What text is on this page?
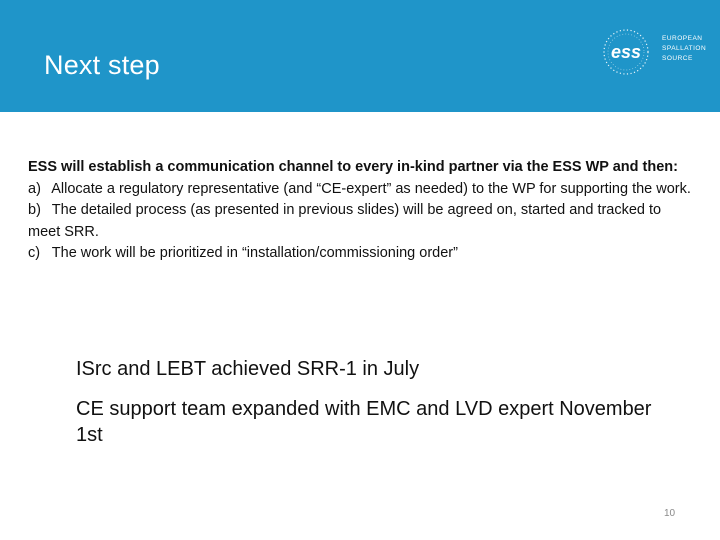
Next step	ess
EUROPEAN
SPALLATION
SOURCE
ESS will establish a communication channel to every in-kind partner via the ESS WP and then:
a) Allocate a regulatory representative (and “CE-expert” as needed) to the WP for supporting the work.
b) The detailed process (as presented in previous slides) will be agreed on, started and tracked to meet SRR.
c) The work will be prioritized in “installation/commissioning order”
ISrc and LEBT achieved SRR-1 in July
CE support team expanded with EMC and LVD expert November 1st
10
